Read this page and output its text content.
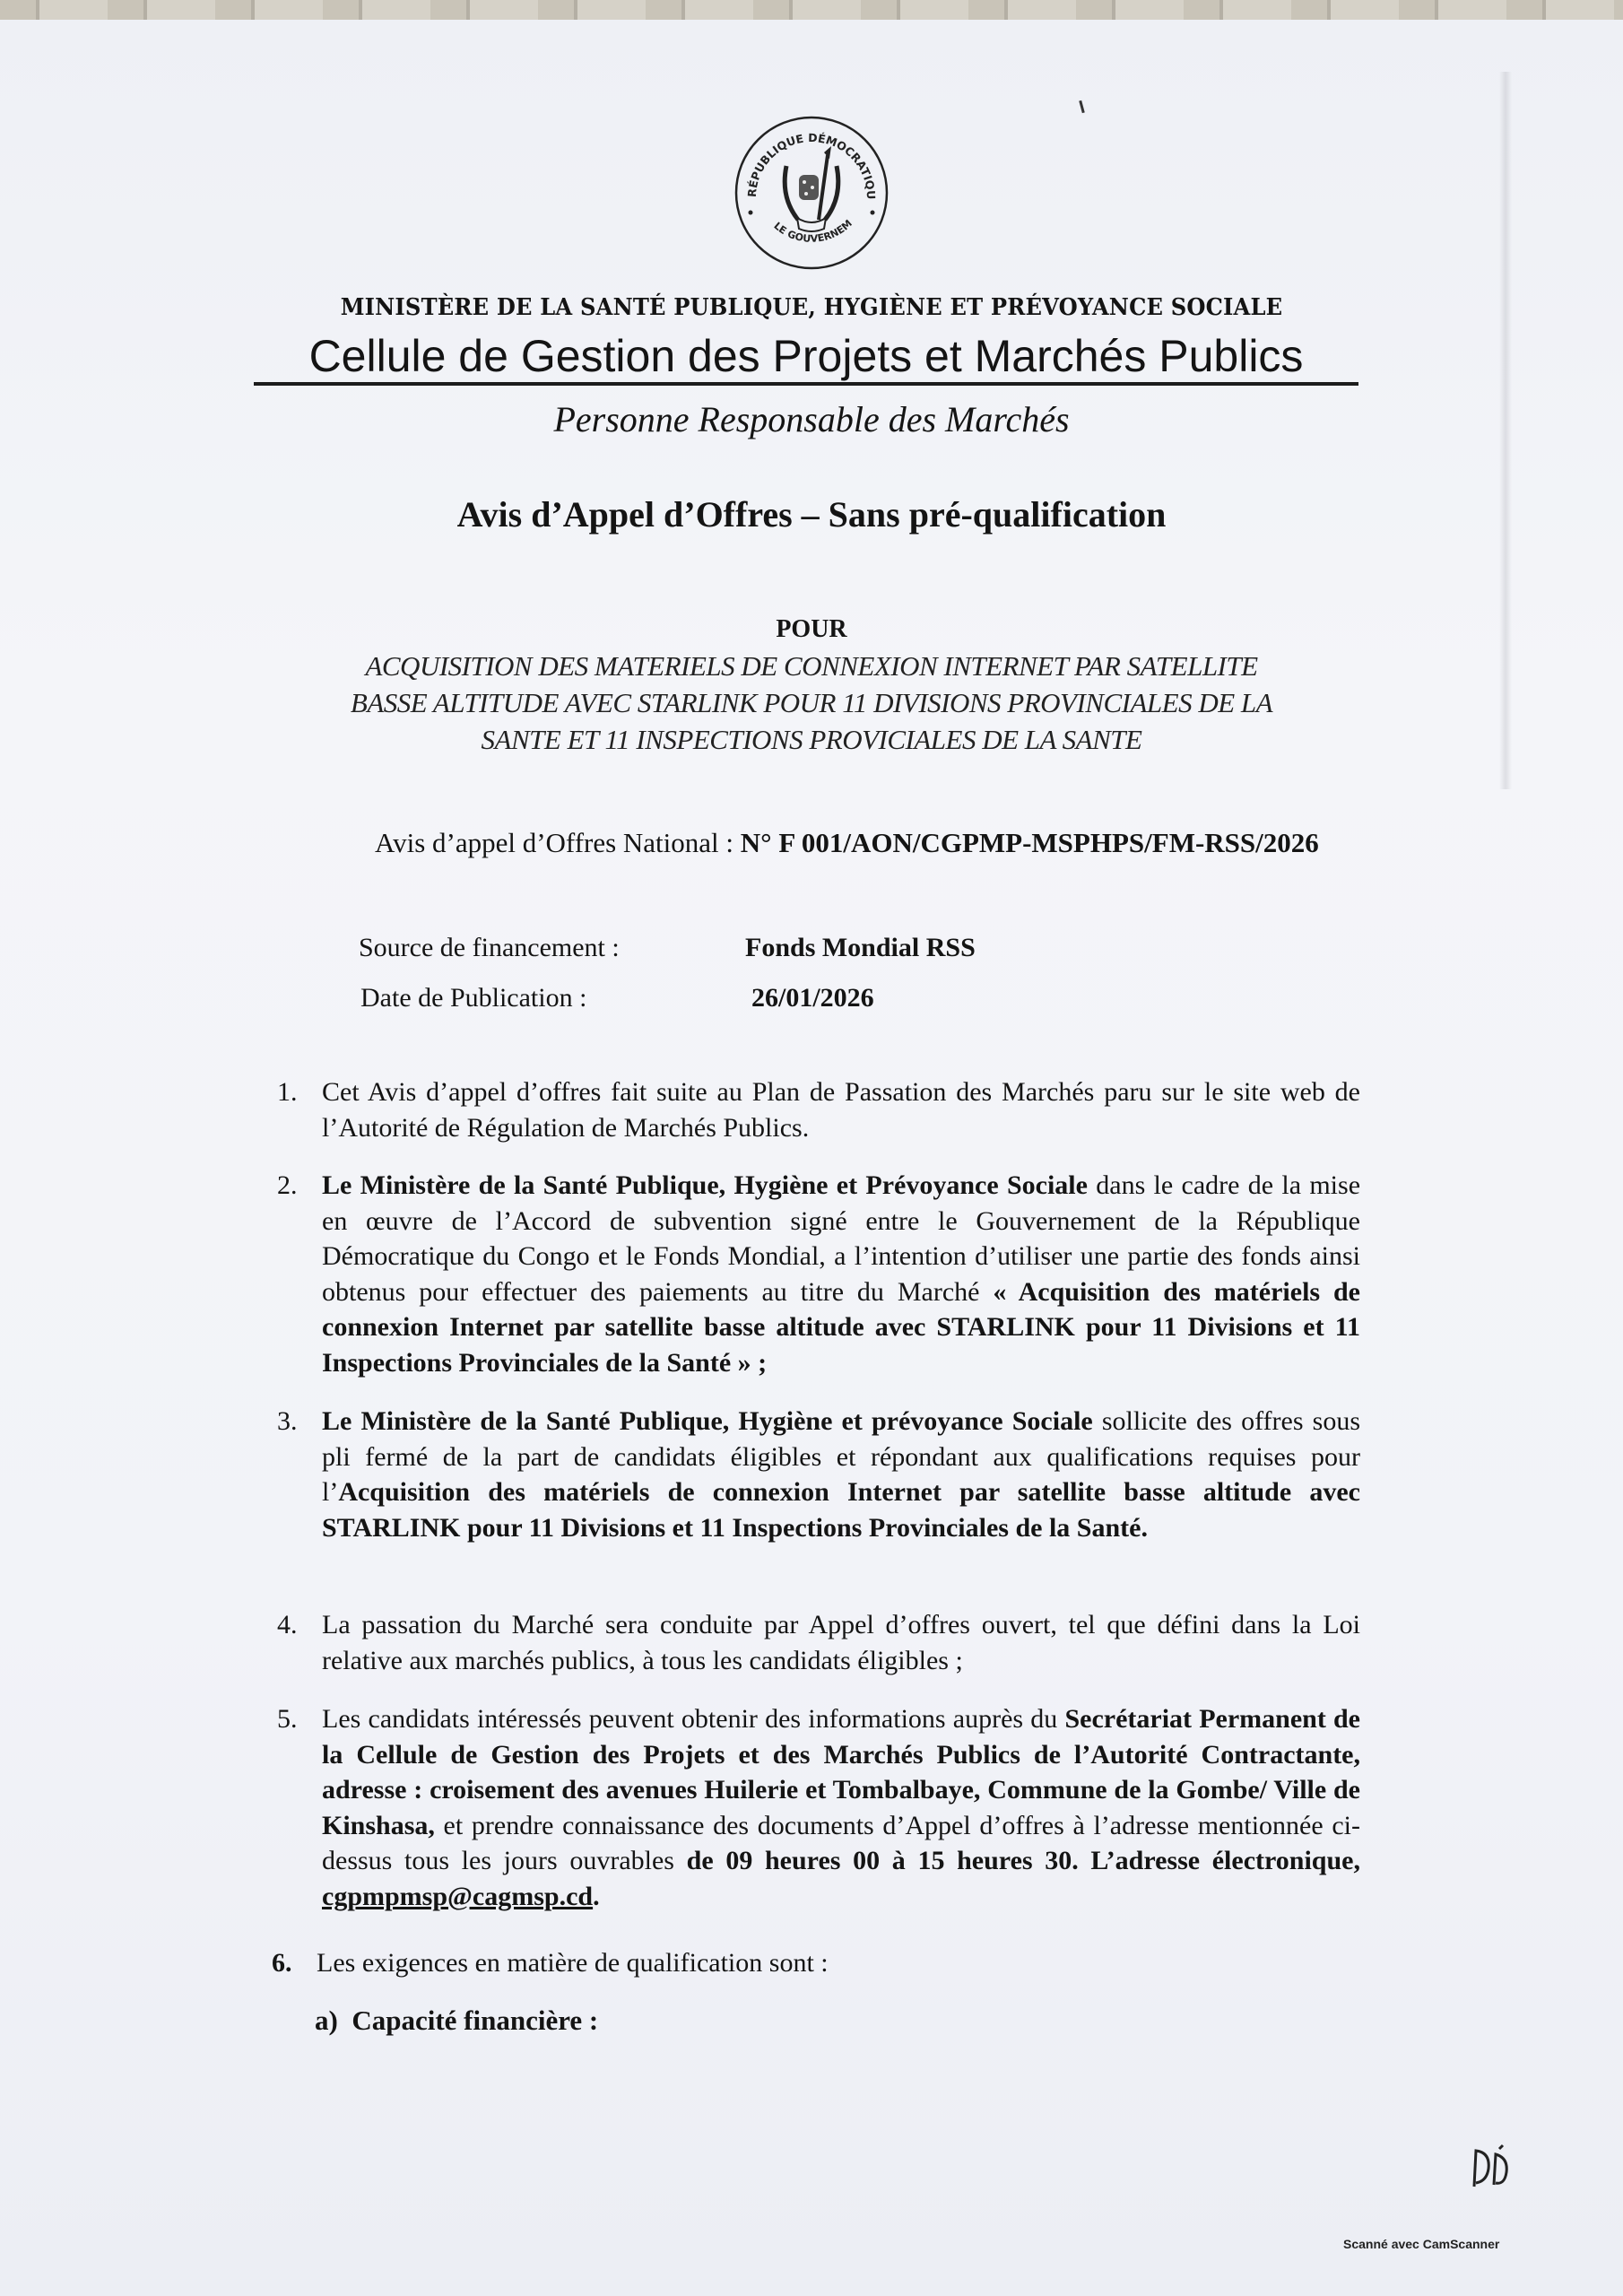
RÉPUBLIQUE DÉMOCRATIQU
LE GOUVERNEM
MINISTÈRE DE LA SANTÉ PUBLIQUE, HYGIÈNE ET PRÉVOYANCE SOCIALE
Cellule de Gestion des Projets et Marchés Publics
Personne Responsable des Marchés
Avis d’Appel d’Offres – Sans pré-qualification
POUR
ACQUISITION DES MATERIELS DE CONNEXION INTERNET PAR SATELLITE
BASSE ALTITUDE AVEC STARLINK POUR 11 DIVISIONS PROVINCIALES DE LA
SANTE ET 11 INSPECTIONS PROVICIALES DE LA SANTE
Avis d’appel d’Offres National : N° F 001/AON/CGPMP-MSPHPS/FM-RSS/2026
Source de financement :	Fonds Mondial RSS
Date de Publication :	26/01/2026
1. Cet Avis d’appel d’offres fait suite au Plan de Passation des Marchés paru sur le site web de l’Autorité de Régulation de Marchés Publics.
2. Le Ministère de la Santé Publique, Hygiène et Prévoyance Sociale dans le cadre de la mise en œuvre de l’Accord de subvention signé entre le Gouvernement de la République Démocratique du Congo et le Fonds Mondial, a l’intention d’utiliser une partie des fonds ainsi obtenus pour effectuer des paiements au titre du Marché « Acquisition des matériels de connexion Internet par satellite basse altitude avec STARLINK pour 11 Divisions et 11 Inspections Provinciales de la Santé » ;
3. Le Ministère de la Santé Publique, Hygiène et prévoyance Sociale sollicite des offres sous pli fermé de la part de candidats éligibles et répondant aux qualifications requises pour l’Acquisition des matériels de connexion Internet par satellite basse altitude avec STARLINK pour 11 Divisions et 11 Inspections Provinciales de la Santé.
4. La passation du Marché sera conduite par Appel d’offres ouvert, tel que défini dans la Loi relative aux marchés publics, à tous les candidats éligibles ;
5. Les candidats intéressés peuvent obtenir des informations auprès du Secrétariat Permanent de la Cellule de Gestion des Projets et des Marchés Publics de l’Autorité Contractante, adresse : croisement des avenues Huilerie et Tombalbaye, Commune de la Gombe/ Ville de Kinshasa, et prendre connaissance des documents d’Appel d’offres à l’adresse mentionnée ci-dessus tous les jours ouvrables de 09 heures 00 à 15 heures 30. L’adresse électronique, cgpmpmsp@cagmsp.cd.
6. Les exigences en matière de qualification sont :
a) Capacité financière :
Scanné avec CamScanner
